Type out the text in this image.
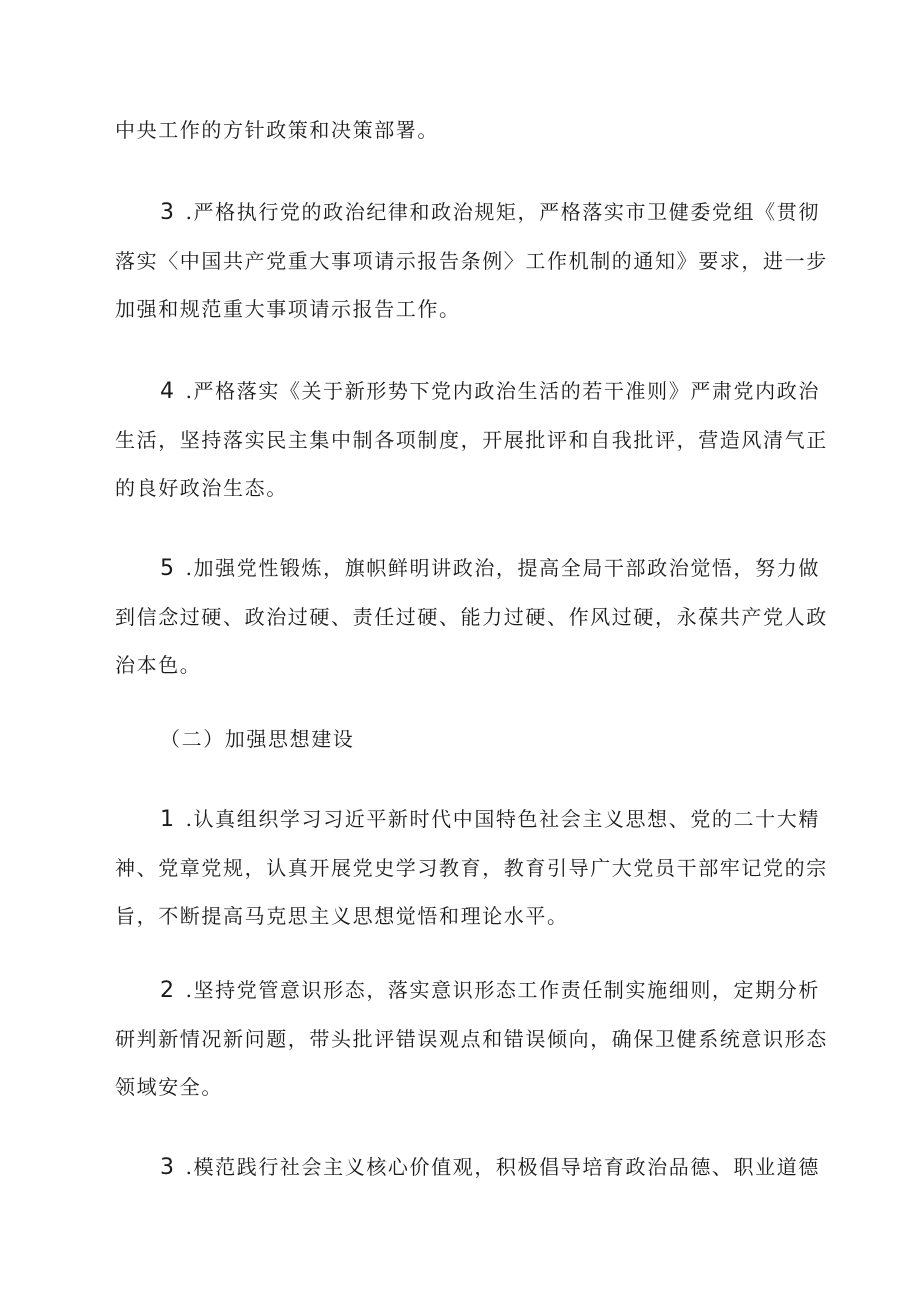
中央工作的方针政策和决策部署。
3 .严格执行党的政治纪律和政治规矩，严格落实市卫健委党组《贯彻
落实〈中国共产党重大事项请示报告条例〉工作机制的通知》要求，进一步
加强和规范重大事项请示报告工作。
4 .严格落实《关于新形势下党内政治生活的若干准则》严肃党内政治
生活，坚持落实民主集中制各项制度，开展批评和自我批评，营造风清气正
的良好政治生态。
5 .加强党性锻炼，旗帜鲜明讲政治，提高全局干部政治觉悟，努力做
到信念过硬、政治过硬、责任过硬、能力过硬、作风过硬，永葆共产党人政
治本色。
（二）加强思想建设
1 .认真组织学习习近平新时代中国特色社会主义思想、党的二十大精
神、党章党规，认真开展党史学习教育，教育引导广大党员干部牢记党的宗
旨，不断提高马克思主义思想觉悟和理论水平。
2 .坚持党管意识形态，落实意识形态工作责任制实施细则，定期分析
研判新情况新问题，带头批评错误观点和错误倾向，确保卫健系统意识形态
领域安全。
3 .模范践行社会主义核心价值观，积极倡导培育政治品德、职业道德
